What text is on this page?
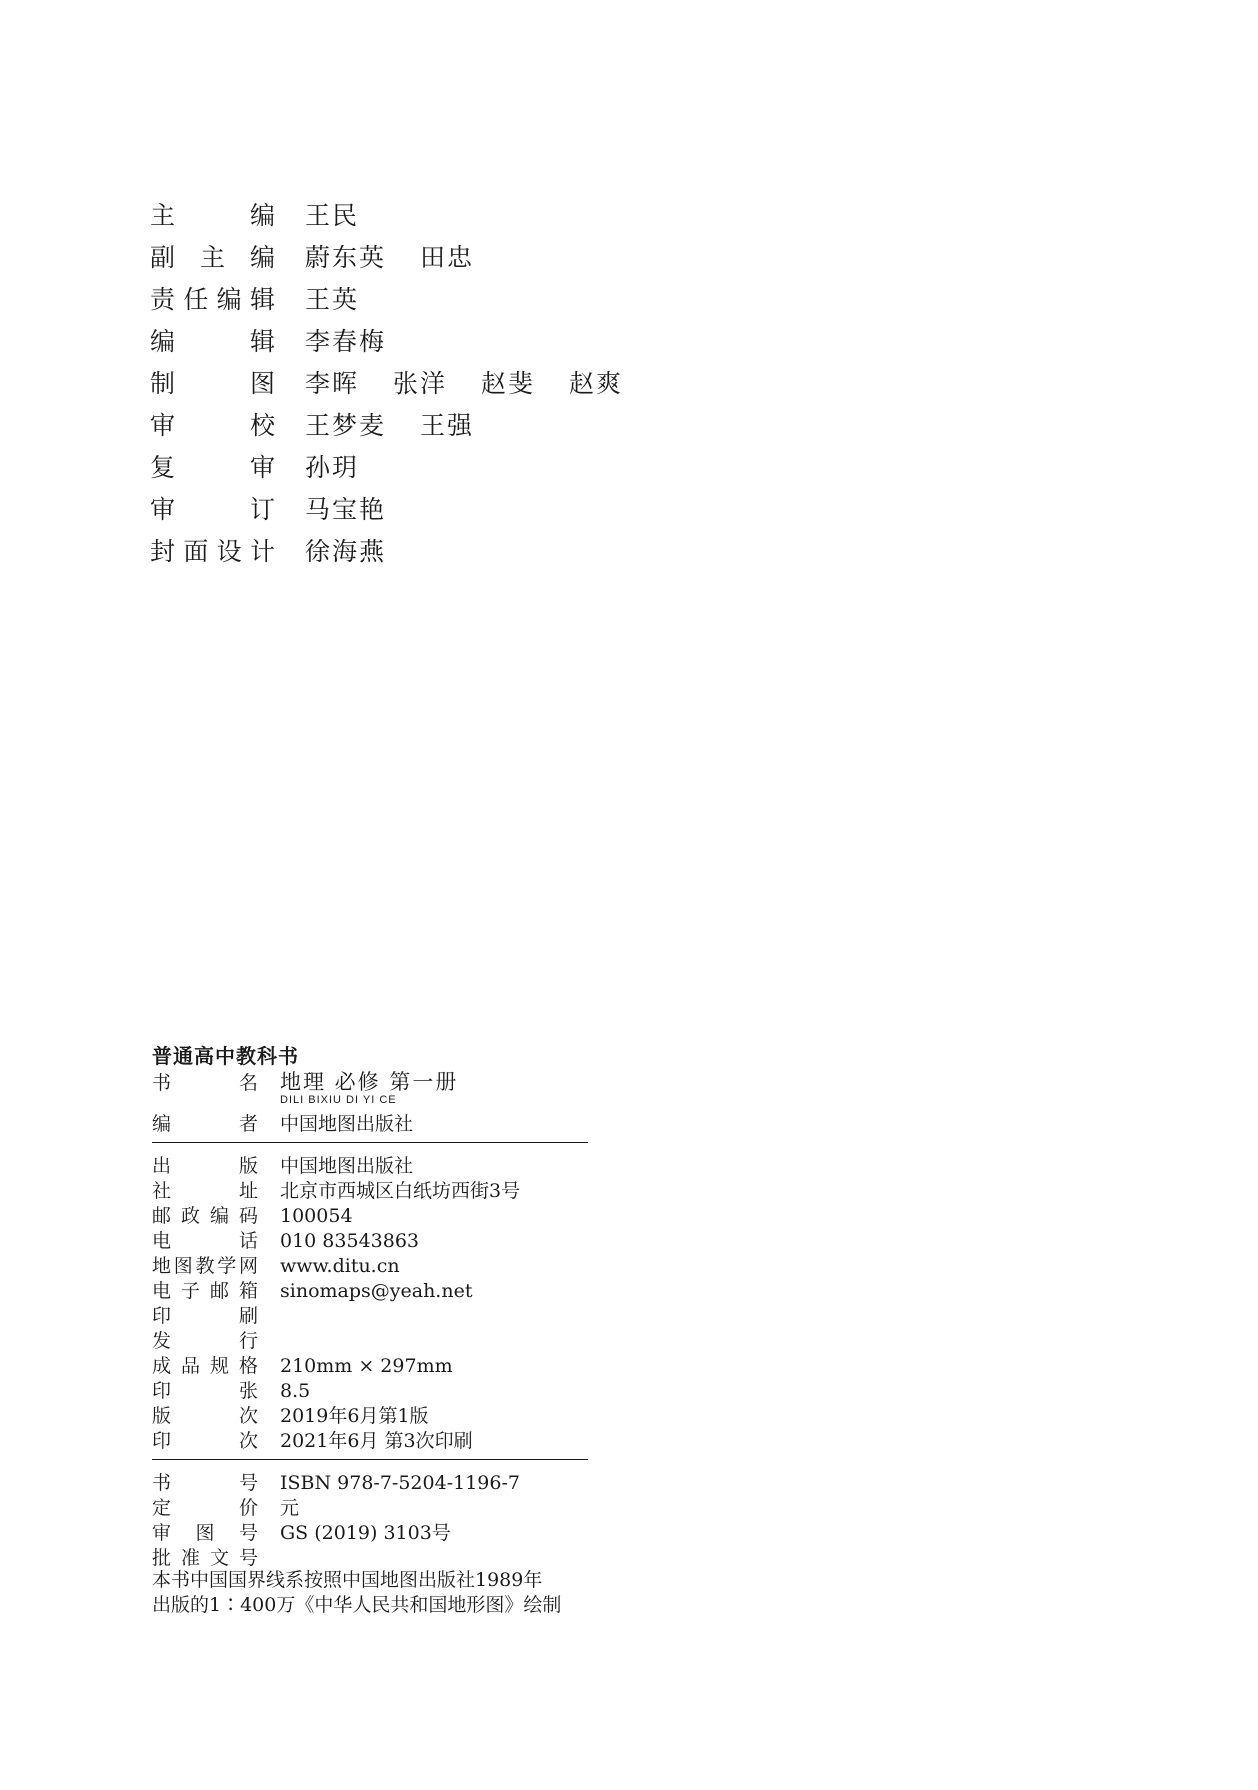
主	编 王民
副 主 编 蔚东英 田忠
责 任 编 辑 王英
编	辑 李春梅
制	图 李晖 张洋 赵斐 赵爽
审	校 王梦麦 王强
复	审 孙玥
审	订 马宝艳
封 面 设 计 徐海燕
普通高中教科书
书	名 地理 必修 第一册
DILI BIXIU DI YI CE
编	者 中国地图出版社
出	版 中国地图出版社
社	址 北京市西城区白纸坊西街3号
邮 政 编 码 100054
电	话 010 83543863
地 图 教 学 网 www.ditu.cn
电 子 邮 箱 sinomaps@yeah.net
印	刷
发	行
成 品 规 格 210mm × 297mm
印	张 8.5
版	次 2019年6月第1版
印	次 2021年6月 第3次印刷
书	号 ISBN 978-7-5204-1196-7
定	价 元
审 图 号 GS (2019) 3103号
批 准 文 号
本书中国国界线系按照中国地图出版社1989年
出版的1∶400万《中华人民共和国地形图》绘制
